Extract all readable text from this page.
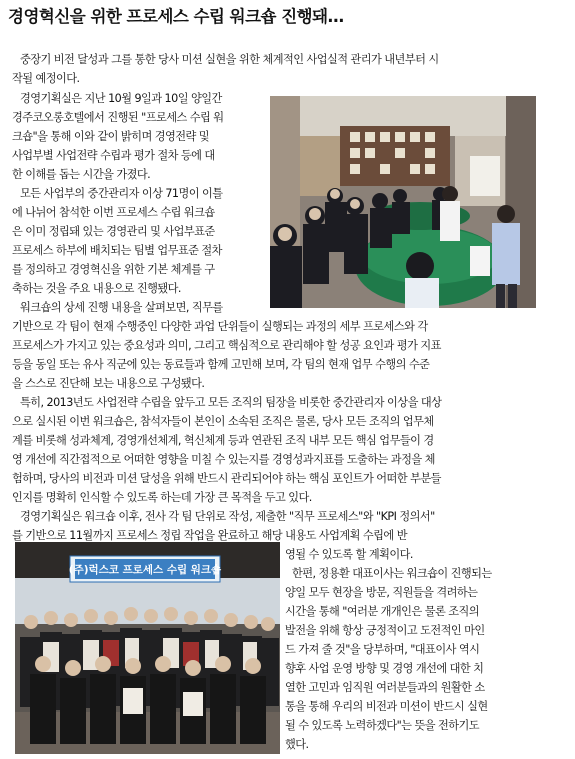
경영혁신을 위한 프로세스 수립 워크숍 진행돼…

중장기 비전 달성과 그를 통한 당사 미션 실현을 위한 체계적인 사업실적 관리가 내년부터 시

작될 예정이다.

경영기획실은 지난 10월 9일과 10일 양일간

경주코오롱호텔에서 진행된 "프로세스 수립 워

크숍"을 통해 이와 같이 밝히며 경영전략 및

사업부별 사업전략 수립과 평가 절차 등에 대

한 이해를 돕는 시간을 가졌다.

모든 사업부의 중간관리자 이상 71명이 이틀

에 나뉘어 참석한 이번 프로세스 수립 워크숍

은 이미 정립돼 있는 경영관리 및 사업부표준

프로세스 하부에 배치되는 팀별 업무표준 절차

를 정의하고 경영혁신을 위한 기본 체계를 구

축하는 것을 주요 내용으로 진행됐다.

워크숍의 상세 진행 내용을 살펴보면, 직무를

기반으로 각 팀이 현재 수행중인 다양한 과업 단위들이 실행되는 과정의 세부 프로세스와 각

프로세스가 가지고 있는 중요성과 의미, 그리고 핵심적으로 관리해야 할 성공 요인과 평가 지표

등을 동일 또는 유사 직군에 있는 동료들과 함께 고민해 보며, 각 팀의 현재 업무 수행의 수준

을 스스로 진단해 보는 내용으로 구성됐다.

특히, 2013년도 사업전략 수립을 앞두고 모든 조직의 팀장을 비롯한 중간관리자 이상을 대상

으로 실시된 이번 워크숍은, 참석자들이 본인이 소속된 조직은 물론, 당사 모든 조직의 업무체

계를 비롯해 성과체계, 경영개선체계, 혁신체계 등과 연관된 조직 내부 모든 핵심 업무들이 경

영 개선에 직간접적으로 어떠한 영향을 미칠 수 있는지를 경영성과지표를 도출하는 과정을 체

험하며, 당사의 비전과 미션 달성을 위해 반드시 관리되어야 하는 핵심 포인트가 어떠한 부분들

인지를 명확히 인식할 수 있도록 하는데 가장 큰 목적을 두고 있다.

경영기획실은 워크숍 이후, 전사 각 팀 단위로 작성, 제출한 "직무 프로세스"와 "KPI 정의서"

를 기반으로 11월까지 프로세스 정립 작업을 완료하고 해당 내용도 사업계획 수립에 반

영될 수 있도록 할 계획이다.

(주)럭스코 프로세스 수립 워크숍	한편, 정용환 대표이사는 워크숍이 진행되는

양일 모두 현장을 방문, 직원들을 격려하는

시간을 통해 "여러분 개개인은 물론 조직의

발전을 위해 항상 긍정적이고 도전적인 마인

드 가져 줄 것"을 당부하며, "대표이사 역시

향후 사업 운영 방향 및 경영 개선에 대한 치

열한 고민과 임직원 여러분들과의 원활한 소

통을 통해 우리의 비전과 미션이 반드시 실현

될 수 있도록 노력하겠다"는 뜻을 전하기도

했다.
